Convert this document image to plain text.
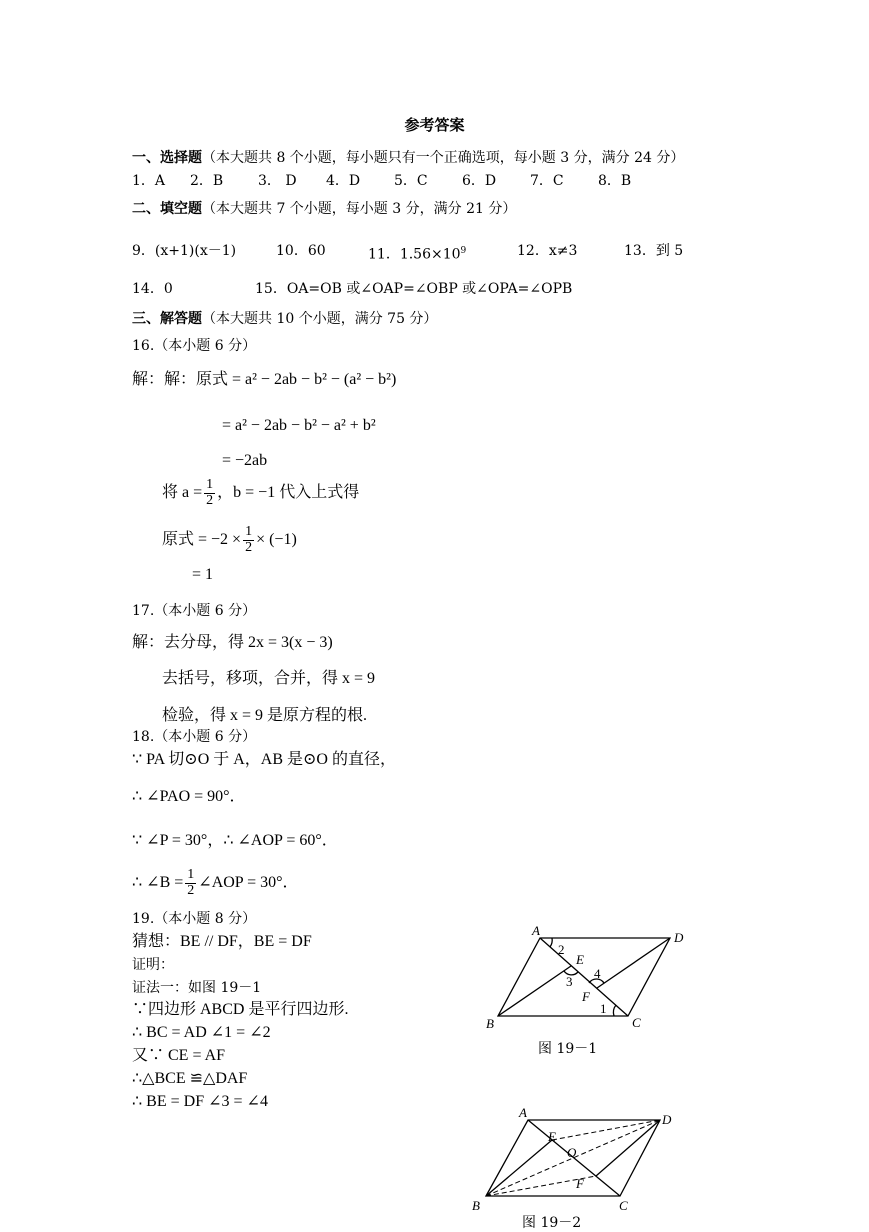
参考答案
一、选择题（本大题共 8 个小题，每小题只有一个正确选项，每小题 3 分，满分 24 分）
1．A 2．B 3． D 4．D 5．C 6．D 7．C 8．B
二、填空题（本大题共 7 个小题，每小题 3 分，满分 21 分）
9．(x+1)(x－1)	10．60	11．$1.56\times 10^9$	12．x≠3	13．到 5
14．0	15．OA=OB 或∠OAP=∠OBP 或∠OPA=∠OPB
三、解答题（本大题共 10 个小题，满分 75 分）
16.（本小题 6 分）
解：解：原式 = a² − 2ab − b² − (a² − b²)
= a² − 2ab − b² − a² + b²
= −2ab
将 $a = \frac{1}{2}$ ，b = −1 代入上式得
原式 = $-2 \times \frac{1}{2} \times (-1)$
= 1
17.（本小题 6 分）
解：去分母，得 2x = 3(x − 3)
去括号，移项，合并，得 x = 9
检验，得 x = 9 是原方程的根.
18.（本小题 6 分）
∵ PA 切⊙O 于 A，AB 是⊙O 的直径，
∴ ∠PAO = 90°．
∵ ∠P = 30°，∴ ∠AOP = 60°．
∴ ∠B = $\frac{1}{2}$ ∠AOP = 30°．
19.（本小题 8 分）
猜想：BE // DF，BE = DF
证明：
证法一：如图 19－1
∵四边形 ABCD 是平行四边形.
∴ BC = AD ∠1 = ∠2
又∵ CE = AF
∴△BCE ≌△DAF
∴ BE = DF ∠3 = ∠4
A	D
B	C
E
F
2
3
4
1
图 19－1
A	D
B	C
E
O
F
图 19－2
